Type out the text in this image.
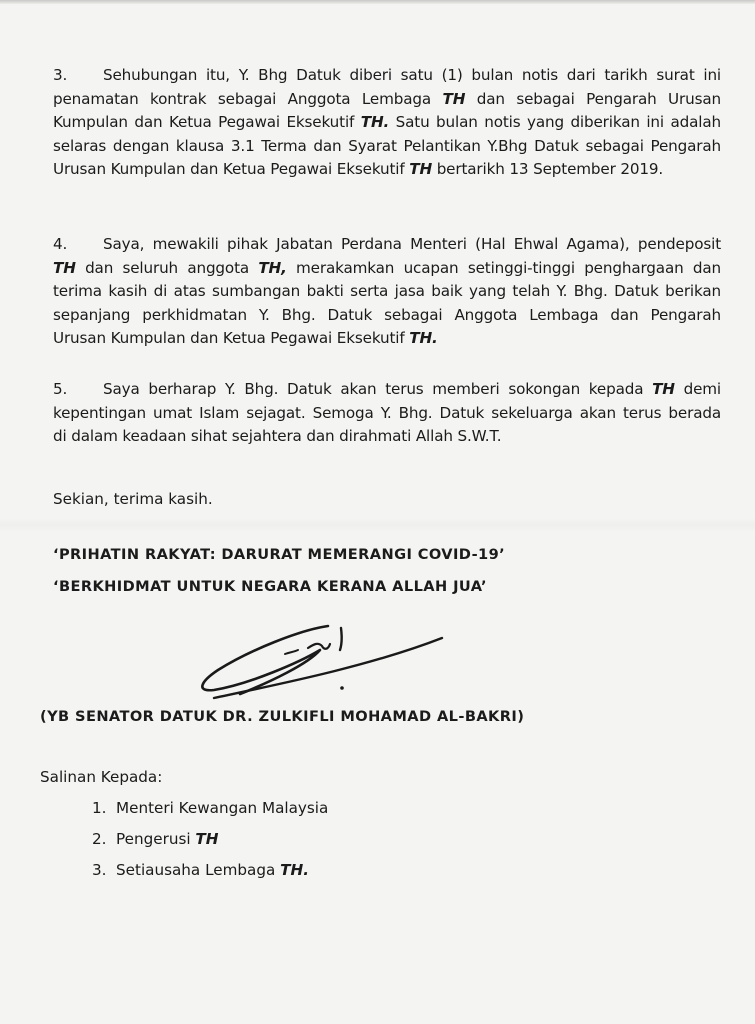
3. Sehubungan itu, Y. Bhg Datuk diberi satu (1) bulan notis dari tarikh surat ini
penamatan kontrak sebagai Anggota Lembaga TH dan sebagai Pengarah Urusan
Kumpulan dan Ketua Pegawai Eksekutif TH. Satu bulan notis yang diberikan ini adalah
selaras dengan klausa 3.1 Terma dan Syarat Pelantikan Y.Bhg Datuk sebagai Pengarah
Urusan Kumpulan dan Ketua Pegawai Eksekutif TH bertarikh 13 September 2019.
4. Saya, mewakili pihak Jabatan Perdana Menteri (Hal Ehwal Agama), pendeposit
TH dan seluruh anggota TH, merakamkan ucapan setinggi-tinggi penghargaan dan
terima kasih di atas sumbangan bakti serta jasa baik yang telah Y. Bhg. Datuk berikan
sepanjang perkhidmatan Y. Bhg. Datuk sebagai Anggota Lembaga dan Pengarah
Urusan Kumpulan dan Ketua Pegawai Eksekutif TH.
5. Saya berharap Y. Bhg. Datuk akan terus memberi sokongan kepada TH demi
kepentingan umat Islam sejagat. Semoga Y. Bhg. Datuk sekeluarga akan terus berada
di dalam keadaan sihat sejahtera dan dirahmati Allah S.W.T.
Sekian, terima kasih.
‘PRIHATIN RAKYAT: DARURAT MEMERANGI COVID-19’
‘BERKHIDMAT UNTUK NEGARA KERANA ALLAH JUA’
(YB SENATOR DATUK DR. ZULKIFLI MOHAMAD AL-BAKRI)
Salinan Kepada:
1. Menteri Kewangan Malaysia
2. Pengerusi TH
3. Setiausaha Lembaga TH.
